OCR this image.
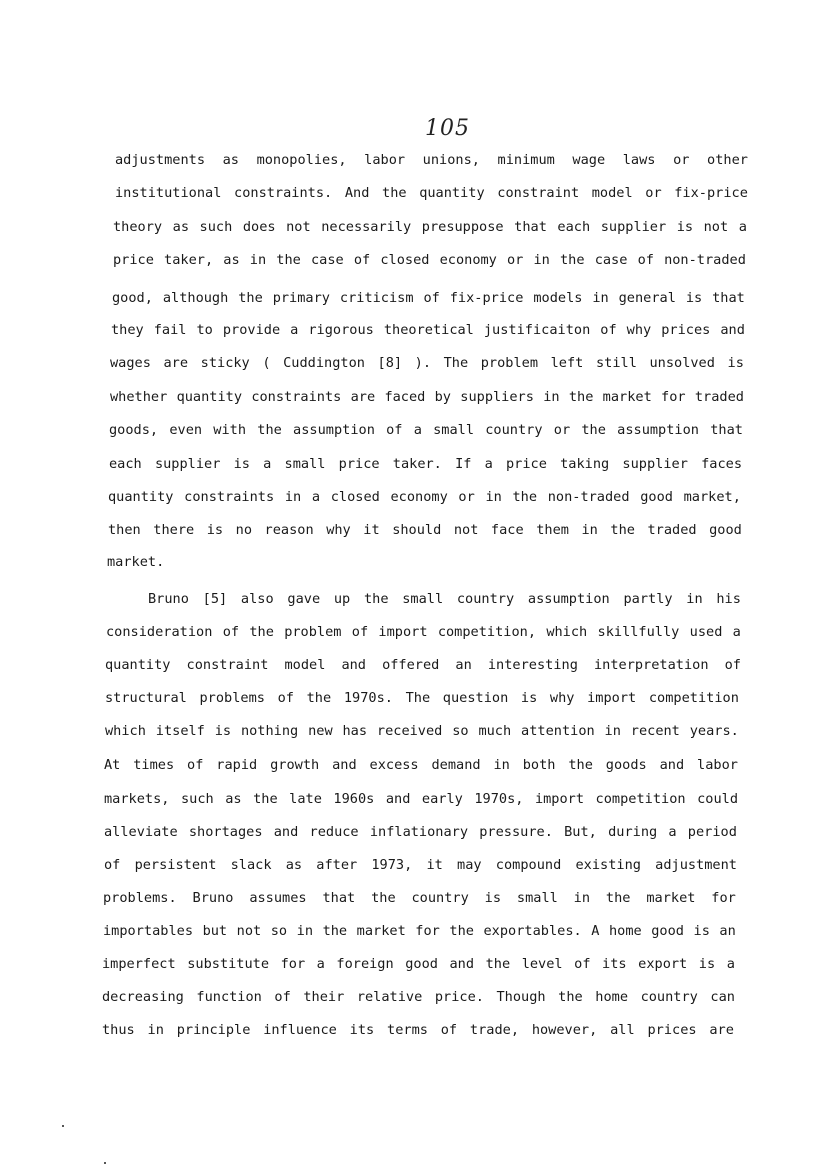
105
adjustments as monopolies, labor unions, minimum wage laws or other
institutional constraints. And the quantity constraint model or fix-price
theory as such does not necessarily presuppose that each supplier is not a
price taker, as in the case of closed economy or in the case of non-traded
good, although the primary criticism of fix-price models in general is that
they fail to provide a rigorous theoretical justificaiton of why prices and
wages are sticky ( Cuddington [8] ). The problem left still unsolved is
whether quantity constraints are faced by suppliers in the market for traded
goods, even with the assumption of a small country or the assumption that
each supplier is a small price taker. If a price taking supplier faces
quantity constraints in a closed economy or in the non-traded good market,
then there is no reason why it should not face them in the traded good
market.
Bruno [5] also gave up the small country assumption partly in his
consideration of the problem of import competition, which skillfully used a
quantity constraint model and offered an interesting interpretation of
structural problems of the 1970s. The question is why import competition
which itself is nothing new has received so much attention in recent years.
At times of rapid growth and excess demand in both the goods and labor
markets, such as the late 1960s and early 1970s, import competition could
alleviate shortages and reduce inflationary pressure. But, during a period
of persistent slack as after 1973, it may compound existing adjustment
problems. Bruno assumes that the country is small in the market for
importables but not so in the market for the exportables. A home good is an
imperfect substitute for a foreign good and the level of its export is a
decreasing function of their relative price. Though the home country can
thus in principle influence its terms of trade, however, all prices are
